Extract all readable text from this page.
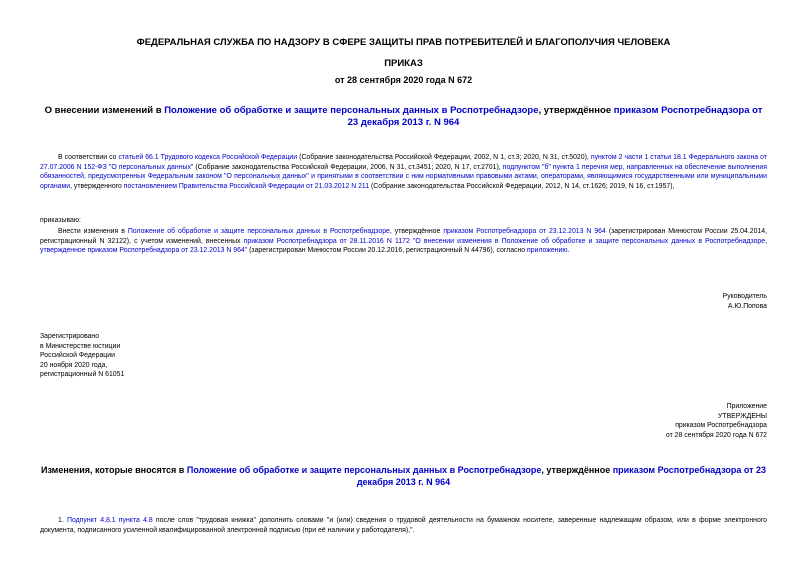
ФЕДЕРАЛЬНАЯ СЛУЖБА ПО НАДЗОРУ В СФЕРЕ ЗАЩИТЫ ПРАВ ПОТРЕБИТЕЛЕЙ И БЛАГОПОЛУЧИЯ ЧЕЛОВЕКА
ПРИКАЗ
от 28 сентября 2020 года N 672
О внесении изменений в Положение об обработке и защите персональных данных в Роспотребнадзоре, утверждённое приказом Роспотребнадзора от 23 декабря 2013 г. N 964
В соответствии со статьей 66.1 Трудового кодекса Российской Федерации (Собрание законодательства Российской Федерации, 2002, N 1, ст.3; 2020, N 31, ст.5020), пунктом 2 части 1 статьи 18.1 Федерального закона от 27.07.2006 N 152-ФЗ "О персональных данных" (Собрание законодательства Российской Федерации, 2006, N 31, ст.3451; 2020, N 17, ст.2701), подпунктом "б" пункта 1 перечня мер, направленных на обеспечение выполнения обязанностей, предусмотренных Федеральным законом "О персональных данных" и принятыми в соответствии с ним нормативными правовыми актами, операторами, являющимися государственными или муниципальными органами, утвержденного постановлением Правительства Российской Федерации от 21.03.2012 N 211 (Собрание законодательства Российской Федерации, 2012, N 14, ст.1626; 2019, N 16, ст.1957),
приказываю:
Внести изменения в Положение об обработке и защите персональных данных в Роспотребнадзоре, утверждённое приказом Роспотребнадзора от 23.12.2013 N 964 (зарегистрирован Минюстом России 25.04.2014, регистрационный N 32122), с учетом изменений, внесенных приказом Роспотребнадзора от 28.11.2016 N 1172 "О внесении изменения в Положение об обработке и защите персональных данных в Роспотребнадзоре, утвержденное приказом Роспотребнадзора от 23.12.2013 N 964" (зарегистрирован Минюстом России 20.12.2016, регистрационный N 44796), согласно приложению.
Руководитель
А.Ю.Попова
Зарегистрировано
в Министерстве юстиции
Российской Федерации
20 ноября 2020 года,
регистрационный N 61051
Приложение
УТВЕРЖДЕНЫ
приказом Роспотребнадзора
от 28 сентября 2020 года N 672
Изменения, которые вносятся в Положение об обработке и защите персональных данных в Роспотребнадзоре, утверждённое приказом Роспотребнадзора от 23 декабря 2013 г. N 964
1. Подпункт 4.8.1 пункта 4.8 после слов "трудовая книжка" дополнить словами "и (или) сведения о трудовой деятельности на бумажном носителе, заверенные надлежащим образом, или в форме электронного документа, подписанного усиленной квалифицированной электронной подписью (при её наличии у работодателя),".
